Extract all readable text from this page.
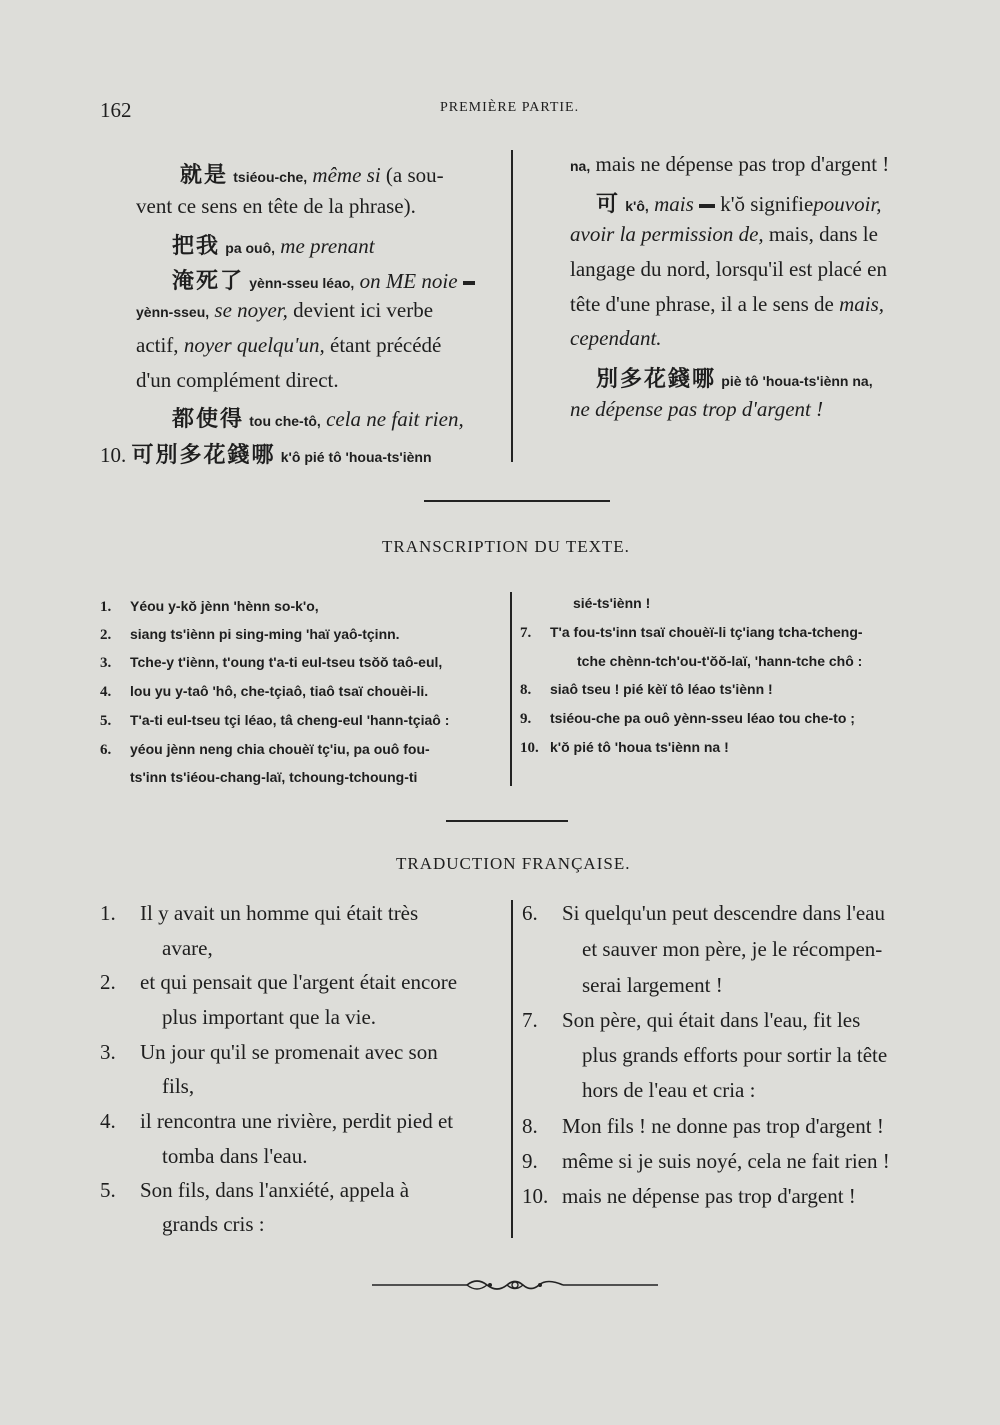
162	PREMIÈRE PARTIE.
就是 tsiéou-che, même si (a sou-
vent ce sens en tête de la phrase).
把我 pa ouô, me prenant
淹死了 yènn-sseu léao, on ME noie
yènn-sseu, se noyer, devient ici verbe
actif, noyer quelqu'un, étant précédé
d'un complément direct.
都使得 tou che-tô, cela ne fait rien,
10. 可別多花錢哪 k'ô pié tô 'houa-ts'iènn
na, mais ne dépense pas trop d'argent !
可 k'ô, mais k'ŏ signifiepouvoir,
avoir la permission de, mais, dans le
langage du nord, lorsqu'il est placé en
tête d'une phrase, il a le sens de mais,
cependant.
別多花錢哪 piè tô 'houa-ts'iènn na,
ne dépense pas trop d'argent !
TRANSCRIPTION DU TEXTE.
1. Yéou y-kŏ jènn 'hènn so-k'o,
2. siang ts'iènn pi sing-ming 'haï yaô-tçinn.
3. Tche-y t'iènn, t'oung t'a-ti eul-tseu tsŏŏ taô-eul,
4. lou yu y-taô 'hô, che-tçiaô, tiaô tsaï chouèi-li.
5. T'a-ti eul-tseu tçi léao, tâ cheng-eul 'hann-tçiaô :
6. yéou jènn neng chia chouèï tç'iu, pa ouô fou-
ts'inn ts'iéou-chang-laï, tchoung-tchoung-ti
sié-ts'iènn !
7. T'a fou-ts'inn tsaï chouèï-li tç'iang tcha-tcheng-
tche chènn-tch'ou-t'ŏŏ-laï, 'hann-tche chô :
8. siaô tseu ! pié kèï tô léao ts'iènn !
9. tsiéou-che pa ouô yènn-sseu léao tou che-to ;
10. k'ŏ pié tô 'houa ts'iènn na !
TRADUCTION FRANÇAISE.
1. Il y avait un homme qui était très
avare,
2. et qui pensait que l'argent était encore
plus important que la vie.
3. Un jour qu'il se promenait avec son
fils,
4. il rencontra une rivière, perdit pied et
tomba dans l'eau.
5. Son fils, dans l'anxiété, appela à
grands cris :
6. Si quelqu'un peut descendre dans l'eau
et sauver mon père, je le récompen-
serai largement !
7. Son père, qui était dans l'eau, fit les
plus grands efforts pour sortir la tête
hors de l'eau et cria :
8. Mon fils ! ne donne pas trop d'argent !
9. même si je suis noyé, cela ne fait rien !
10. mais ne dépense pas trop d'argent !
